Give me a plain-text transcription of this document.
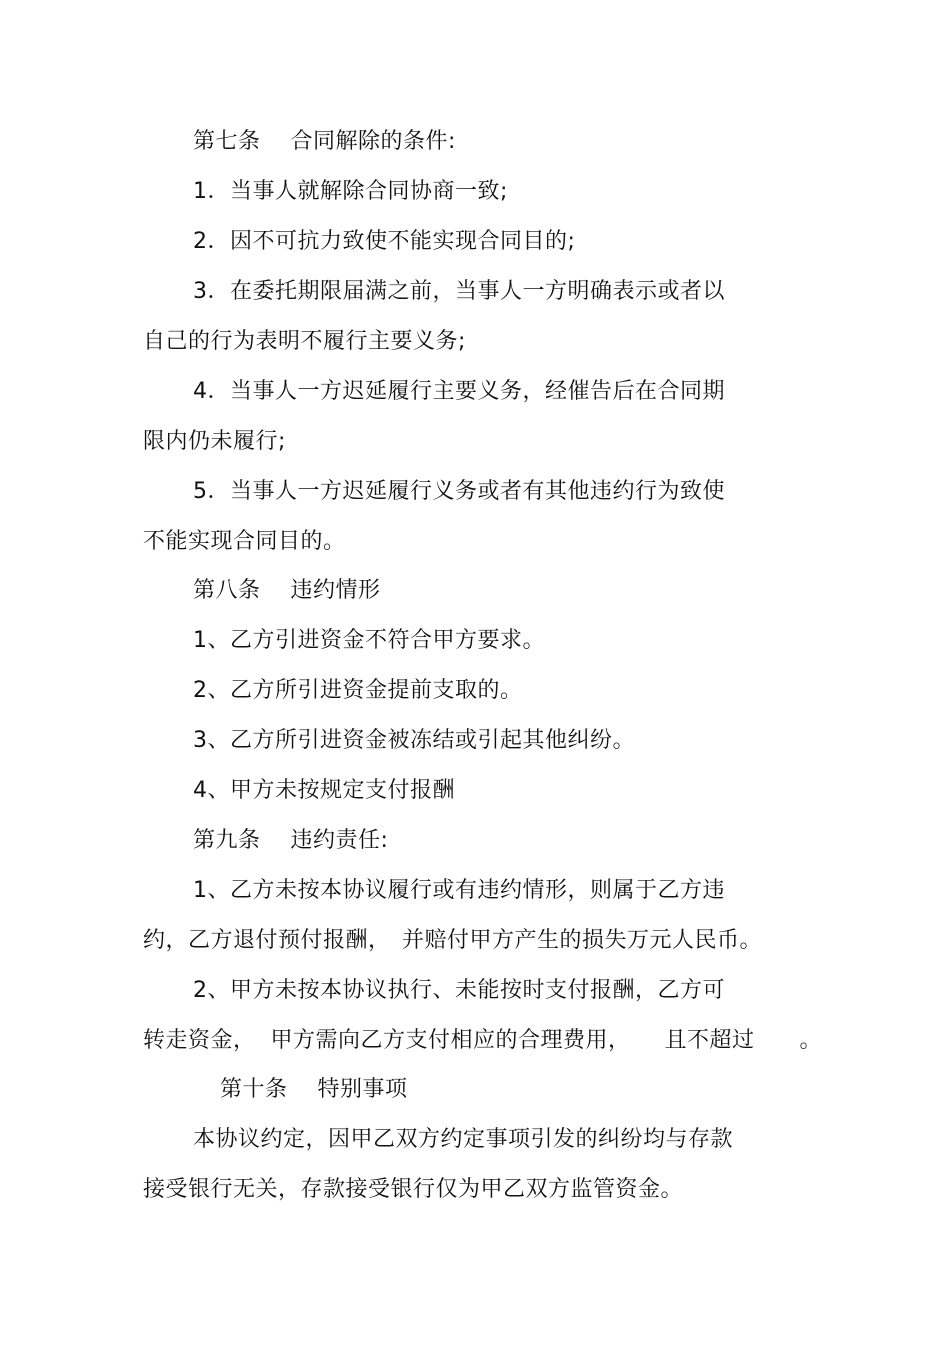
第七条　 合同解除的条件:
1．当事人就解除合同协商一致;
2．因不可抗力致使不能实现合同目的;
3．在委托期限届满之前，当事人一方明确表示或者以
自己的行为表明不履行主要义务;
4．当事人一方迟延履行主要义务，经催告后在合同期
限内仍未履行;
5．当事人一方迟延履行义务或者有其他违约行为致使
不能实现合同目的。
第八条　 违约情形
1、乙方引进资金不符合甲方要求。
2、乙方所引进资金提前支取的。
3、乙方所引进资金被冻结或引起其他纠纷。
4、甲方未按规定支付报酬
第九条　 违约责任:
1、乙方未按本协议履行或有违约情形，则属于乙方违
约，乙方退付预付报酬，　并赔付甲方产生的损失万元人民币。
2、甲方未按本协议执行、未能按时支付报酬，乙方可
转走资金，  甲方需向乙方支付相应的合理费用，　　且不超过　　。
第十条　 特别事项
本协议约定，因甲乙双方约定事项引发的纠纷均与存款
接受银行无关，存款接受银行仅为甲乙双方监管资金。
